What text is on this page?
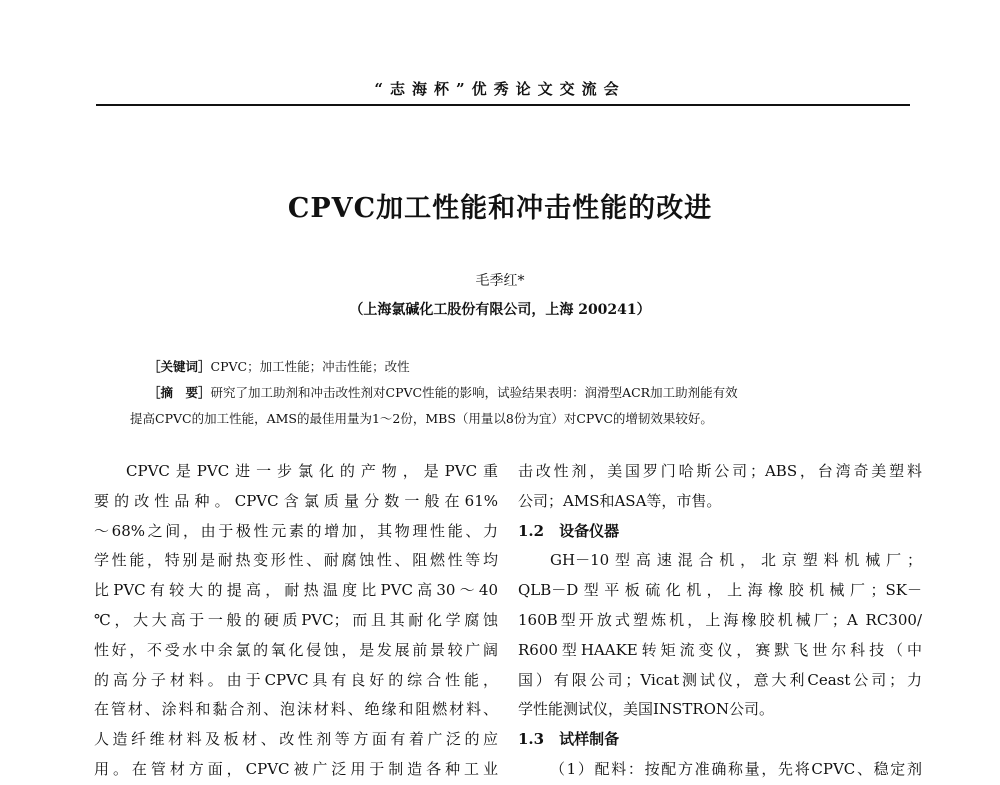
“志海杯”优秀论文交流会
CPVC加工性能和冲击性能的改进
毛季红*
（上海氯碱化工股份有限公司，上海 200241）
［关键词］CPVC；加工性能；冲击性能；改性
［摘　要］研究了加工助剂和冲击改性剂对CPVC性能的影响，试验结果表明：润滑型ACR加工助剂能有效
提高CPVC的加工性能，AMS的最佳用量为1～2份，MBS（用量以8份为宜）对CPVC的增韧效果较好。
CPVC是PVC进一步氯化的产物，是PVC重
要的改性品种。CPVC含氯质量分数一般在61%
～68%之间，由于极性元素的增加，其物理性能、力
学性能，特别是耐热变形性、耐腐蚀性、阻燃性等均
比PVC有较大的提高，耐热温度比PVC高30～40
℃，大大高于一般的硬质PVC；而且其耐化学腐蚀
性好，不受水中余氯的氧化侵蚀，是发展前景较广阔
的高分子材料。由于CPVC具有良好的综合性能，
在管材、涂料和黏合剂、泡沫材料、绝缘和阻燃材料、
人造纤维材料及板材、改性剂等方面有着广泛的应
用。在管材方面，CPVC被广泛用于制造各种工业
击改性剂，美国罗门哈斯公司；ABS，台湾奇美塑料
公司；AMS和ASA等，市售。
1.2　设备仪器
GH－10型高速混合机，北京塑料机械厂；
QLB－D型平板硫化机，上海橡胶机械厂；SK－
160B型开放式塑炼机，上海橡胶机械厂；A RC300/
R600型HAAKE转矩流变仪，赛默飞世尔科技（中
国）有限公司；Vicat测试仪，意大利Ceast公司；力
学性能测试仪，美国INSTRON公司。
1.3　试样制备
（1）配料：按配方准确称量，先将CPVC、稳定剂
